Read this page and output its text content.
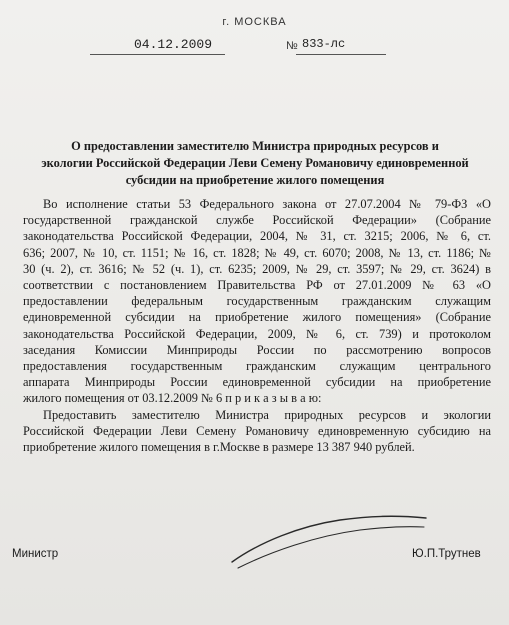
г. МОСКВА
04.12.2009	№ 833-лс
О предоставлении заместителю Министра природных ресурсов и
экологии Российской Федерации Леви Семену Романовичу единовременной
субсидии на приобретение жилого помещения
Во исполнение статьи 53 Федерального закона от 27.07.2004 № 79-ФЗ «О
государственной гражданской службе Российской Федерации» (Собрание
законодательства Российской Федерации, 2004, № 31, ст. 3215; 2006, № 6, ст.
636; 2007, № 10, ст. 1151; № 16, ст. 1828; № 49, ст. 6070; 2008, № 13, ст. 1186; №
30 (ч. 2), ст. 3616; № 52 (ч. 1), ст. 6235; 2009, № 29, ст. 3597; № 29, ст. 3624) в
соответствии с постановлением Правительства РФ от 27.01.2009 № 63 «О
предоставлении федеральным государственным гражданским служащим
единовременной субсидии на приобретение жилого помещения» (Собрание
законодательства Российской Федерации, 2009, № 6, ст. 739) и протоколом
заседания Комиссии Минприроды России по рассмотрению вопросов
предоставления государственным гражданским служащим центрального
аппарата Минприроды России единовременной субсидии на приобретение
жилого помещения от 03.12.2009 № 6 п р и к а з ы в а ю:
Предоставить заместителю Министра природных ресурсов и экологии
Российской Федерации Леви Семену Романовичу единовременную субсидию на
приобретение жилого помещения в г.Москве в размере 13 387 940 рублей.
Министр	Ю.П.Трутнев
